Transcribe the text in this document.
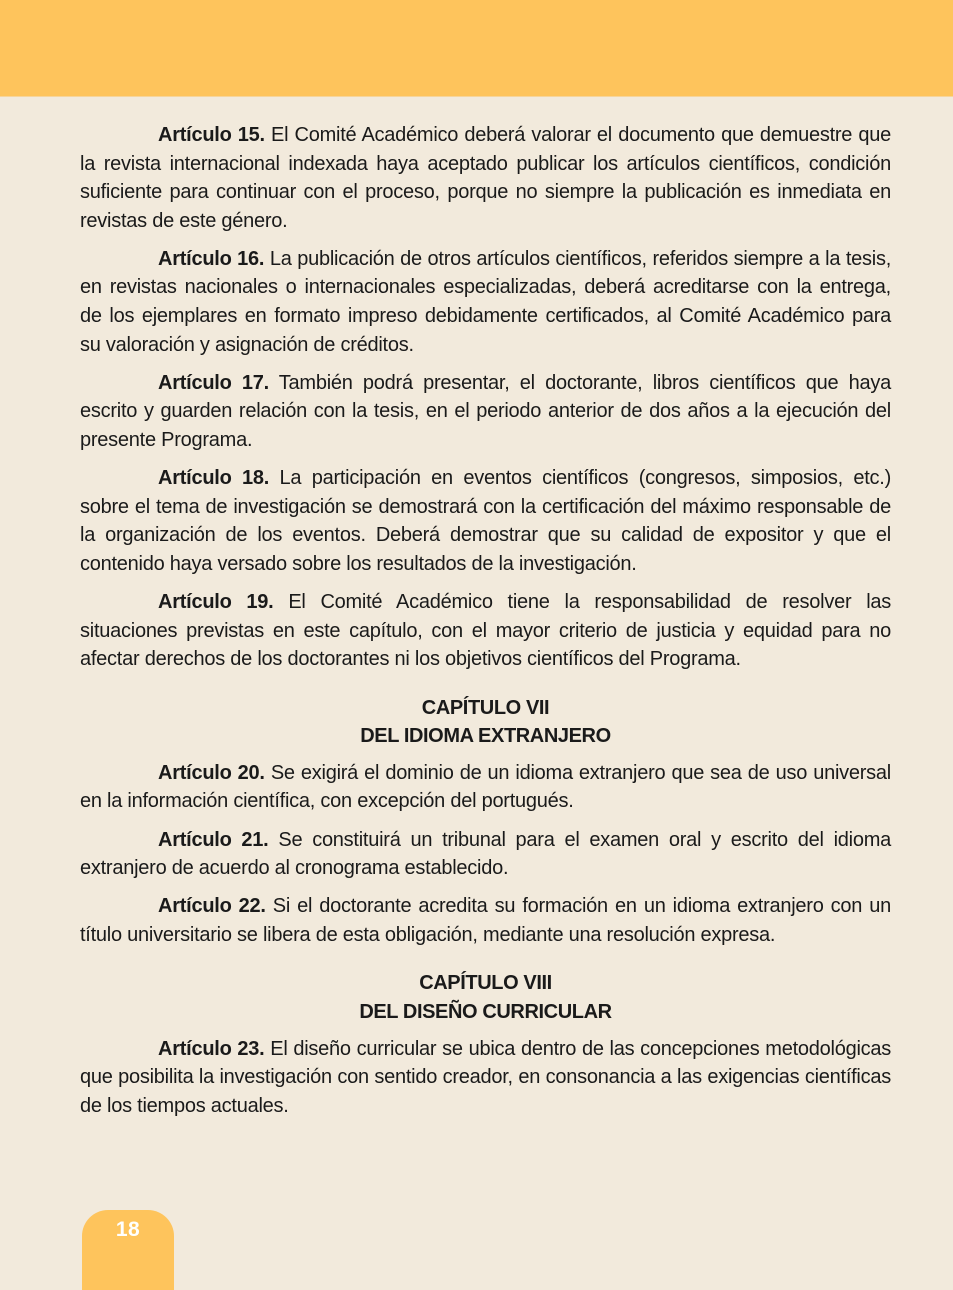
Artículo 15. El Comité Académico deberá valorar el documento que demuestre que la revista internacional indexada haya aceptado publicar los artículos científicos, condición suficiente para continuar con el proceso, porque no siempre la publicación es inmediata en revistas de este género.

Artículo 16. La publicación de otros artículos científicos, referidos siempre a la tesis, en revistas nacionales o internacionales especializadas, deberá acreditarse con la entrega, de los ejemplares en formato impreso debidamente certificados, al Comité Académico para su valoración y asignación de créditos.

Artículo 17. También podrá presentar, el doctorante, libros científicos que haya escrito y guarden relación con la tesis, en el periodo anterior de dos años a la ejecución del presente Programa.

Artículo 18. La participación en eventos científicos (congresos, simposios, etc.) sobre el tema de investigación se demostrará con la certificación del máximo responsable de la organización de los eventos. Deberá demostrar que su calidad de expositor y que el contenido haya versado sobre los resultados de la investigación.

Artículo 19. El Comité Académico tiene la responsabilidad de resolver las situaciones previstas en este capítulo, con el mayor criterio de justicia y equidad para no afectar derechos de los doctorantes ni los objetivos científicos del Programa.

CAPÍTULO VII

DEL IDIOMA EXTRANJERO

Artículo 20. Se exigirá el dominio de un idioma extranjero que sea de uso universal en la información científica, con excepción del portugués.

Artículo 21. Se constituirá un tribunal para el examen oral y escrito del idioma extranjero de acuerdo al cronograma establecido.

Artículo 22. Si el doctorante acredita su formación en un idioma extranjero con un título universitario se libera de esta obligación, mediante una resolución expresa.

CAPÍTULO VIII

DEL DISEÑO CURRICULAR

Artículo 23. El diseño curricular se ubica dentro de las concepciones metodológicas que posibilita la investigación con sentido creador, en consonancia a las exigencias científicas de los tiempos actuales.

18
